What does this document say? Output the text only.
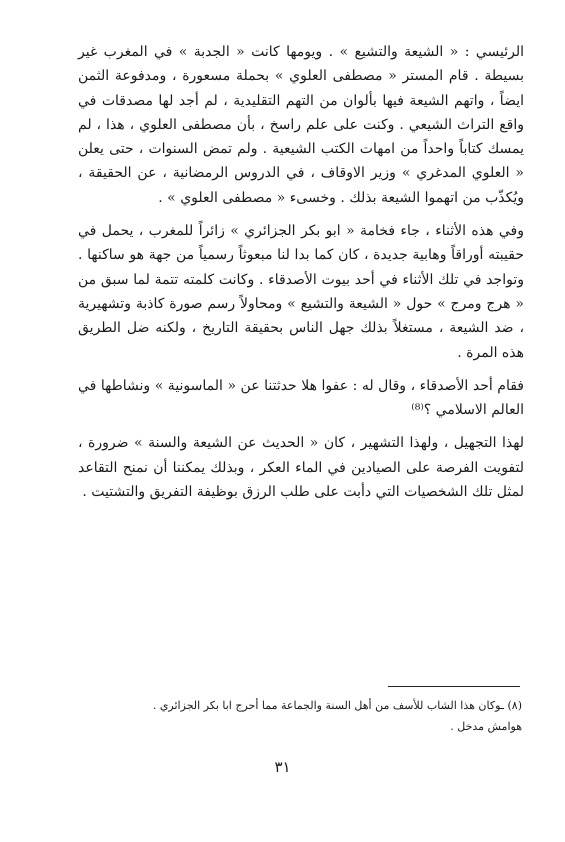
الرئيسي : « الشيعة والتشيع » . ويومها كانت « الجدبة » في المغرب غير بسيطة . قام المستر « مصطفى العلوي » بحملة مسعورة ، ومدفوعة الثمن ايضاً ، واتهم الشيعة فيها بألوان من التهم التقليدية ، لم أجد لها مصدقات في واقع التراث الشيعي . وكنت على علم راسخ ، بأن مصطفى العلوي ، هذا ، لم يمسك كتاباً واحداً من امهات الكتب الشيعية . ولم تمض السنوات ، حتى يعلن « العلوي المدغري » وزير الاوقاف ، في الدروس الرمضانية ، عن الحقيقة ، ويُكذّب من اتهموا الشيعة بذلك . وخسىء « مصطفى العلوي » .

وفي هذه الأثناء ، جاء فخامة « ابو بكر الجزائري » زائراً للمغرب ، يحمل في حقيبته أوراقاً وهابية جديدة ، كان كما بدا لنا مبعوثاً رسمياً من جهة هو ساكنها . وتواجد في تلك الأثناء في أحد بيوت الأصدقاء . وكانت كلمته تتمة لما سبق من « هرج ومرج » حول « الشيعة والتشيع » ومحاولاً رسم صورة كاذبة وتشهيرية ، ضد الشيعة ، مستغلاً بذلك جهل الناس بحقيقة التاريخ ، ولكنه ضل الطريق هذه المرة .

فقام أحد الأصدقاء ، وقال له : عفوا هلا حدثتنا عن « الماسونية » ونشاطها في العالم الاسلامي ؟⁽⁸⁾

لهذا التجهيل ، ولهذا التشهير ، كان « الحديث عن الشيعة والسنة » ضرورة ، لتفويت الفرصة على الصيادين في الماء العكر ، وبذلك يمكننا أن نمنح التقاعد لمثل تلك الشخصيات التي دأبت على طلب الرزق بوظيفة التفريق والتشتيت .

(٨) ـوكان هذا الشاب للأسف من أهل السنة والجماعة مما أحرج ابا بكر الجزائري .

هوامش مدخل .

٣١
